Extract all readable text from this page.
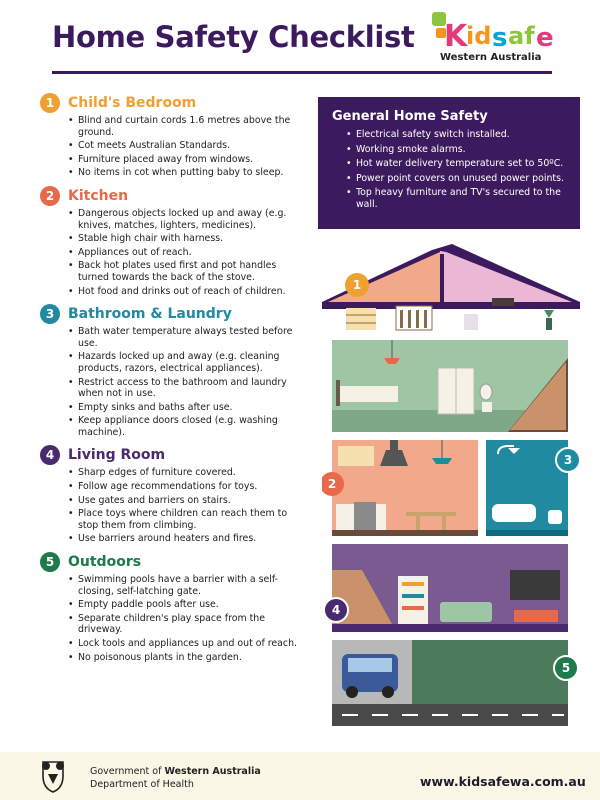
Home Safety Checklist K
id s af e
Western Australia
1 Child's Bedroom
• Blind and curtain cords 1.6 metres above the ground.
• Cot meets Australian Standards.
• Furniture placed away from windows.
• No items in cot when putting baby to sleep.
2 Kitchen
• Dangerous objects locked up and away (e.g. knives, matches, lighters, medicines).
• Stable high chair with harness.
• Appliances out of reach.
• Back hot plates used first and pot handles turned towards the back of the stove.
• Hot food and drinks out of reach of children.
3 Bathroom & Laundry
• Bath water temperature always tested before use.
• Hazards locked up and away (e.g. cleaning products, razors, electrical appliances).
• Restrict access to the bathroom and laundry when not in use.
• Empty sinks and baths after use.
• Keep appliance doors closed (e.g. washing machine).
4 Living Room
• Sharp edges of furniture covered.
• Follow age recommendations for toys.
• Use gates and barriers on stairs.
• Place toys where children can reach them to stop them from climbing.
• Use barriers around heaters and fires.
5 Outdoors
• Swimming pools have a barrier with a self-closing, self-latching gate.
• Empty paddle pools after use.
• Separate children's play space from the driveway.
• Lock tools and appliances up and out of reach.
• No poisonous plants in the garden.
General Home Safety
• Electrical safety switch installed.
• Working smoke alarms.
• Hot water delivery temperature set to 50ºC.
• Power point covers on unused power points.
• Top heavy furniture and TV's secured to the wall.
1
2
3
4
5
Government of Western Australia
Department of Health	www.kidsafewa.com.au
